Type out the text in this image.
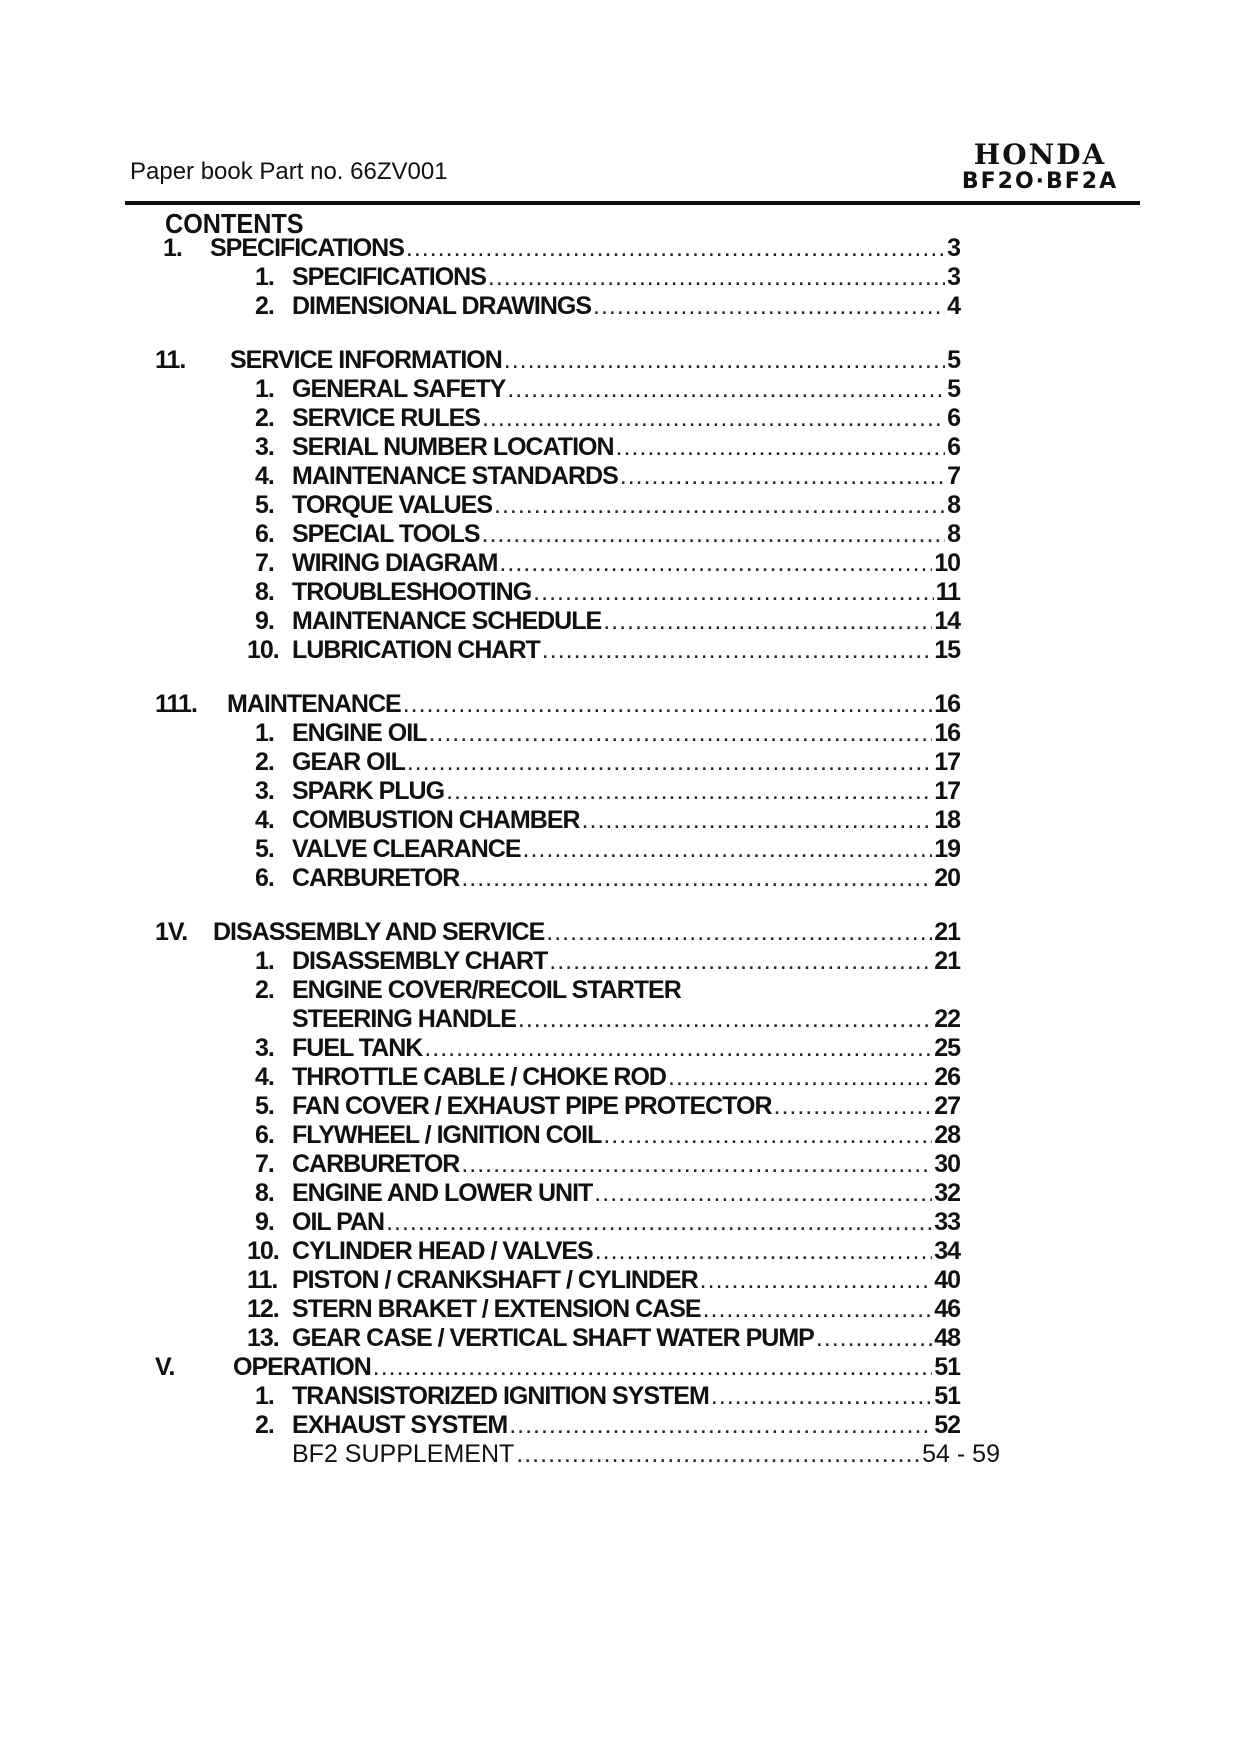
Paper book Part no. 66ZV001
HONDA
BF2O·BF2A
CONTENTS
1.	SPECIFICATIONS .....	3
1. SPECIFICATIONS .....	3
2. DIMENSIONAL DRAWINGS .....	4
11.	SERVICE INFORMATION .....	5
1. GENERAL SAFETY .....	5
2. SERVICE RULES .....	6
3. SERIAL NUMBER LOCATION .....	6
4. MAINTENANCE STANDARDS .....	7
5. TORQUE VALUES .....	8
6. SPECIAL TOOLS .....	8
7. WIRING DIAGRAM .....	10
8. TROUBLESHOOTING .....	11
9. MAINTENANCE SCHEDULE .....	14
10. LUBRICATION CHART .....	15
111.	MAINTENANCE .....	16
1. ENGINE OIL .....	16
2. GEAR OIL .....	17
3. SPARK PLUG .....	17
4. COMBUSTION CHAMBER .....	18
5. VALVE CLEARANCE .....	19
6. CARBURETOR .....	20
1V.	DISASSEMBLY AND SERVICE .....	21
1. DISASSEMBLY CHART .....	21
2. ENGINE COVER/RECOIL STARTER
STEERING HANDLE .....	22
3. FUEL TANK .....	25
4. THROTTLE CABLE / CHOKE ROD .....	26
5. FAN COVER / EXHAUST PIPE PROTECTOR .....	27
6. FLYWHEEL / IGNITION COIL .....	28
7. CARBURETOR .....	30
8. ENGINE AND LOWER UNIT .....	32
9. OIL PAN .....	33
10. CYLINDER HEAD / VALVES .....	34
11. PISTON / CRANKSHAFT / CYLINDER .....	40
12. STERN BRAKET / EXTENSION CASE .....	46
13. GEAR CASE / VERTICAL SHAFT WATER PUMP .....	48
V.	OPERATION .....	51
1. TRANSISTORIZED IGNITION SYSTEM .....	51
2. EXHAUST SYSTEM .....	52
BF2 SUPPLEMENT .....	54 - 59
